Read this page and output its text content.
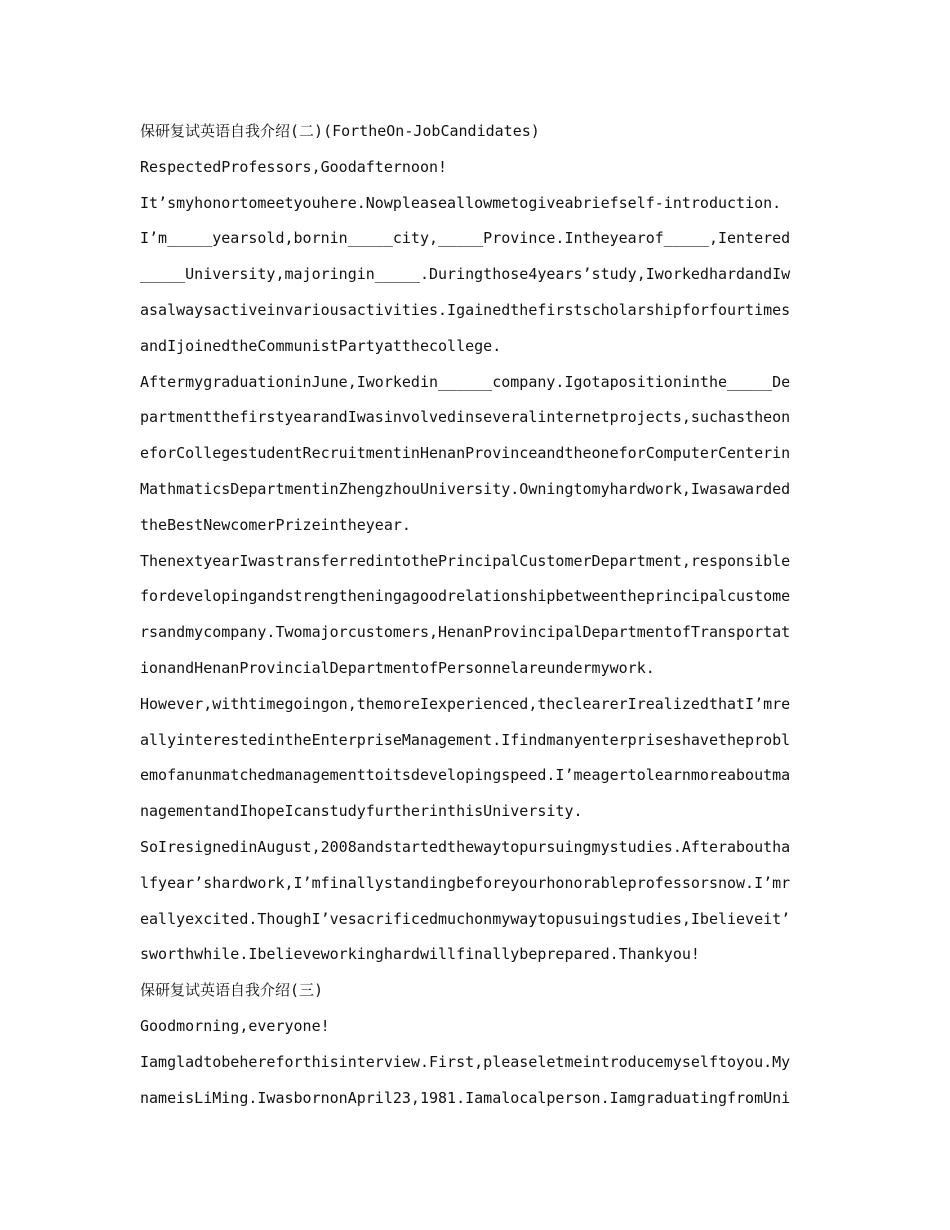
保研复试英语自我介绍(二)(FortheOn-JobCandidates)
RespectedProfessors,Goodafternoon!
It’smyhonortomeetyouhere.Nowpleaseallowmetogiveabriefself-introduction.
I’m_____yearsold,bornin_____city,_____Province.Intheyearof_____,Ientered
_____University,majoringin_____.Duringthose4years’study,IworkedhardandIw
asalwaysactiveinvariousactivities.Igainedthefirstscholarshipforfourtimes
andIjoinedtheCommunistPartyatthecollege.
AftermygraduationinJune,Iworkedin______company.Igotapositioninthe_____De
partmentthefirstyearandIwasinvolvedinseveralinternetprojects,suchastheon
eforCollegestudentRecruitmentinHenanProvinceandtheoneforComputerCenterin
MathmaticsDepartmentinZhengzhouUniversity.Owningtomyhardwork,Iwasawarded
theBestNewcomerPrizeintheyear.
ThenextyearIwastransferredintothePrincipalCustomerDepartment,responsible
fordevelopingandstrengtheningagoodrelationshipbetweentheprincipalcustome
rsandmycompany.Twomajorcustomers,HenanProvincipalDepartmentofTransportat
ionandHenanProvincialDepartmentofPersonnelareundermywork.
However,withtimegoingon,themoreIexperienced,theclearerIrealizedthatI’mre
allyinterestedintheEnterpriseManagement.Ifindmanyenterpriseshavetheprobl
emofanunmatchedmanagementtoitsdevelopingspeed.I’meagertolearnmoreaboutma
nagementandIhopeIcanstudyfurtherinthisUniversity.
SoIresignedinAugust,2008andstartedthewaytopursuingmystudies.Afteraboutha
lfyear’shardwork,I’mfinallystandingbeforeyourhonorableprofessorsnow.I’mr
eallyexcited.ThoughI’vesacrificedmuchonmywaytopusuingstudies,Ibelieveit’
sworthwhile.Ibelieveworkinghardwillfinallybeprepared.Thankyou!
保研复试英语自我介绍(三)
Goodmorning,everyone!
Iamgladtobehereforthisinterview.First,pleaseletmeintroducemyselftoyou.My
nameisLiMing.IwasbornonApril23,1981.Iamalocalperson.IamgraduatingfromUni
